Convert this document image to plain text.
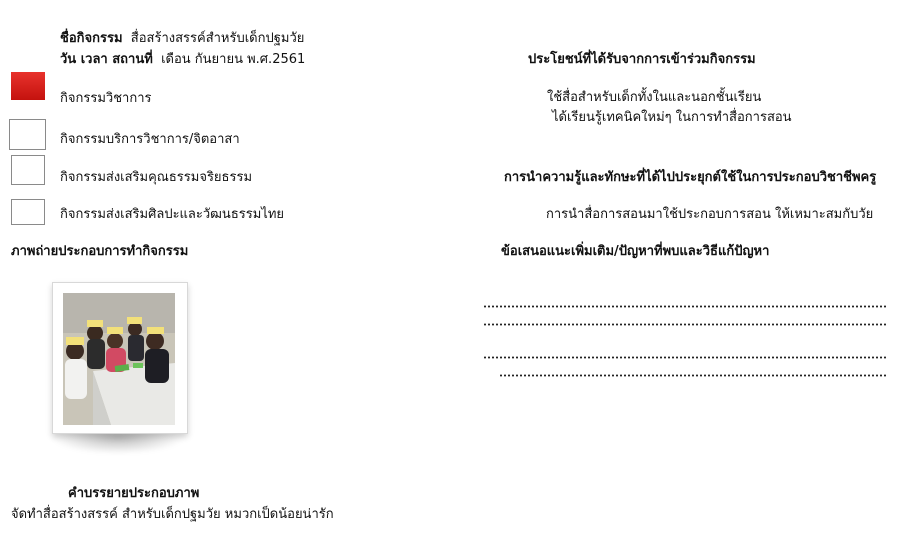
ชื่อกิจกรรม สื่อสร้างสรรค์สำหรับเด็กปฐมวัย
วัน เวลา สถานที่ เดือน กันยายน พ.ศ.2561
กิจกรรมวิชาการ
กิจกรรมบริการวิชาการ/จิตอาสา
กิจกรรมส่งเสริมคุณธรรมจริยธรรม
กิจกรรมส่งเสริมศิลปะและวัฒนธรรมไทย
ภาพถ่ายประกอบการทำกิจกรรม
คำบรรยายประกอบภาพ
จัดทำสื่อสร้างสรรค์ สำหรับเด็กปฐมวัย หมวกเป็ดน้อยน่ารัก
ประโยชน์ที่ได้รับจากการเข้าร่วมกิจกรรม
ใช้สื่อสำหรับเด็กทั้งในและนอกชั้นเรียน
ได้เรียนรู้เทคนิคใหม่ๆ ในการทำสื่อการสอน
การนำความรู้และทักษะที่ได้ไปประยุกต์ใช้ในการประกอบวิชาชีพครู
การนำสื่อการสอนมาใช้ประกอบการสอน ให้เหมาะสมกับวัย
ข้อเสนอแนะเพิ่มเติม/ปัญหาที่พบและวิธีแก้ปัญหา
